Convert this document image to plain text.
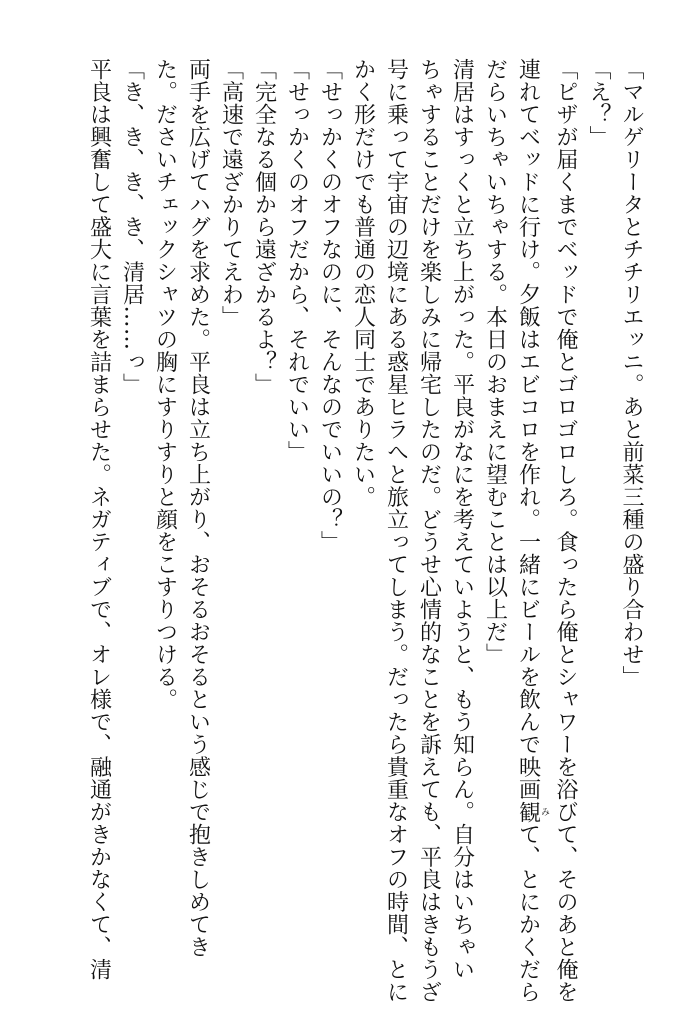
「マルゲリータとチチリエッニ。あと前菜三種の盛り合わせ」

「え？」

「ピザが届くまでベッドで俺とゴロゴロしろ。食ったら俺とシャワーを浴びて、そのあと俺を

連れてベッドに行け。夕飯はエビコロを作れ。一緒にビールを飲んで映画観みて、とにかくだら

だらいちゃいちゃする。本日のおまえに望むことは以上だ」

清居はすっくと立ち上がった。平良がなにを考えていようと、もう知らん。自分はいちゃい

ちゃすることだけを楽しみに帰宅したのだ。どうせ心情的なことを訴えても、平良はきもうざ

号に乗って宇宙の辺境にある惑星ヒラへと旅立ってしまう。だったら貴重なオフの時間、とに

かく形だけでも普通の恋人同士でありたい。

「せっかくのオフなのに、そんなのでいいの？」

「せっかくのオフだから、それでいい」

「完全なる個から遠ざかるよ？」

「高速で遠ざかりてえわ」

両手を広げてハグを求めた。平良は立ち上がり、おそるおそるという感じで抱きしめてき

た。ださいチェックシャツの胸にすりすりと顔をこすりつける。

「き、き、き、き、清居……っ」

平良は興奮して盛大に言葉を詰まらせた。ネガティブで、オレ様で、融通がきかなくて、清
